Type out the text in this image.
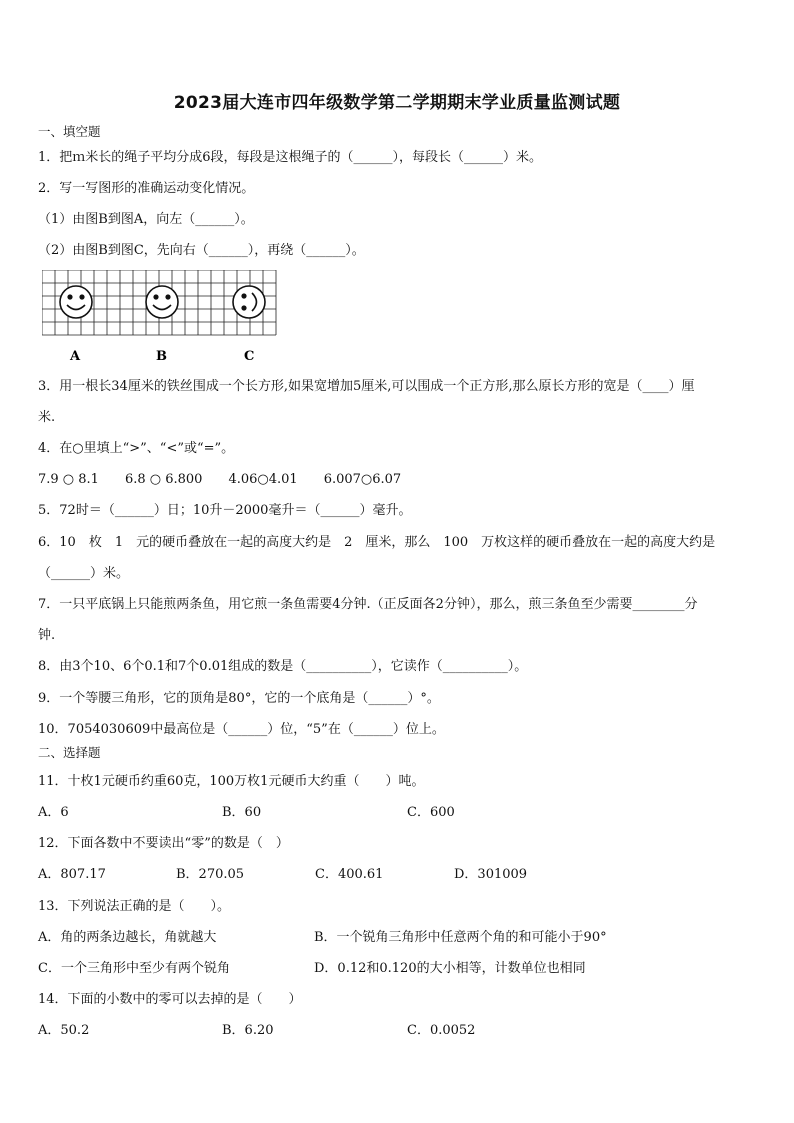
2023届大连市四年级数学第二学期期末学业质量监测试题
一、填空题
1．把ｍ米长的绳子平均分成6段，每段是这根绳子的（______），每段长（______）米。
2．写一写图形的准确运动变化情况。
（1）由图B到图A，向左（______）。
（2）由图B到图C，先向右（______），再绕（______）。
A	B	C
3．用一根长34厘米的铁丝围成一个长方形,如果宽增加5厘米,可以围成一个正方形,那么原长方形的宽是（____）厘
米.
4．在○里填上“>”、“<”或“=”。
7.9 ○ 8.1　　6.8 ○ 6.800　　4.06○4.01　　6.007○6.07
5．72时＝（______）日；10升－2000毫升＝（______）毫升。
6．10　枚　1　元的硬币叠放在一起的高度大约是　2　厘米，那么　100　万枚这样的硬币叠放在一起的高度大约是
（______）米。
7．一只平底锅上只能煎两条鱼，用它煎一条鱼需要4分钟.（正反面各2分钟），那么，煎三条鱼至少需要________分
钟.
8．由3个10、6个0.1和7个0.01组成的数是（__________），它读作（__________）。
9．一个等腰三角形，它的顶角是80°，它的一个底角是（______）°。
10．7054030609中最高位是（______）位，“5”在（______）位上。
二、选择题
11．十枚1元硬币约重60克，100万枚1元硬币大约重（　　）吨。
A．6	B．60	C．600
12．下面各数中不要读出“零”的数是（　）
A．807.17	B．270.05	C．400.61	D．301009
13．下列说法正确的是（　　）。
A．角的两条边越长，角就越大	B．一个锐角三角形中任意两个角的和可能小于90°
C．一个三角形中至少有两个锐角	D．0.12和0.120的大小相等，计数单位也相同
14．下面的小数中的零可以去掉的是（　　）
A．50.2	B．6.20	C．0.0052
